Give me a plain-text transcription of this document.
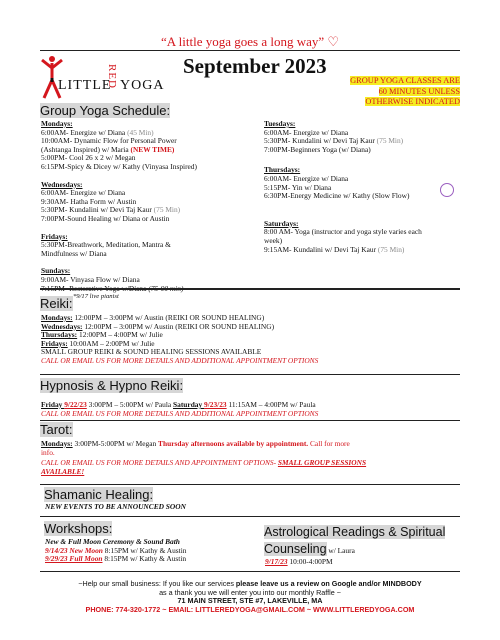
“A little yoga goes a long way” ♡
LITTLE
RED YOGA
September 2023
GROUP YOGA CLASSES ARE
60 MINUTES UNLESS
OTHERWISE INDICATED
Group Yoga Schedule:
Mondays:
6:00AM- Energize w/ Diana (45 Min)
10:00AM- Dynamic Flow for Personal Power
(Ashtanga Inspired) w/ Maria (NEW TIME)
5:00PM- Cool 26 x 2 w/ Megan
6:15PM-Spicy & Dicey w/ Kathy (Vinyasa Inspired)
Wednesdays:
6:00AM- Energize w/ Diana
9:30AM- Hatha Form w/ Austin
5:30PM- Kundalini w/ Devi Taj Kaur (75 Min)
7:00PM-Sound Healing w/ Diana or Austin
Fridays:
5:30PM-Breathwork, Meditation, Mantra &
Mindfulness w/ Diana
Sundays:
9:00AM- Vinyasa Flow w/ Diana
*9/17 live pianist
Tuesdays:
6:00AM- Energize w/ Diana
5:30PM- Kundalini w/ Devi Taj Kaur (75 Min)
7:00PM-Beginners Yoga (w/ Diana)
Thursdays:
6:00AM- Energize w/ Diana
5:15PM- Yin w/ Diana
6:30PM-Energy Medicine w/ Kathy (Slow Flow)
Saturdays:
8:00 AM- Yoga (instructor and yoga style varies each
week)
9:15AM- Kundalini w/ Devi Taj Kaur (75 Min)
Reiki:
Mondays: 12:00PM – 3:00PM w/ Austin (REIKI OR SOUND HEALING)
Wednesdays: 12:00PM – 3:00PM w/ Austin (REIKI OR SOUND HEALING)
Thursdays: 12:00PM – 4:00PM w/ Julie
Fridays: 10:00AM – 2:00PM w/ Julie
SMALL GROUP REIKI & SOUND HEALING SESSIONS AVAILABLE
CALL OR EMAIL US FOR MORE DETAILS AND ADDITIONAL APPOINTMENT OPTIONS
Hypnosis & Hypno Reiki:
Friday 9/22/23 3:00PM – 5:00PM w/ Paula Saturday 9/23/23 11:15AM – 4:00PM w/ Paula
CALL OR EMAIL US FOR MORE DETAILS AND ADDITIONAL APPOINTMENT OPTIONS
Tarot:
Mondays: 3:00PM-5:00PM w/ Megan Thursday afternoons available by appointment. Call for more
info.
CALL OR EMAIL US FOR MORE DETAILS AND APPOINTMENT OPTIONS- SMALL GROUP SESSIONS
AVAILABLE!
Shamanic Healing:
NEW EVENTS TO BE ANNOUNCED SOON
Workshops:
New & Full Moon Ceremony & Sound Bath
9/14/23 New Moon 8:15PM w/ Kathy & Austin
9/29/23 Full Moon 8:15PM w/ Kathy & Austin
Astrological Readings & Spiritual
Counseling w/ Laura
9/17/23 10:00-4:00PM
~Help our small business: If you like our services please leave us a review on Google and/or MINDBODY
as a thank you we will enter you into our monthly Raffle ~
71 MAIN STREET, STE #7, LAKEVILLE, MA
PHONE: 774-320-1772 ~ EMAIL: LITTLEREDYOGA@GMAIL.COM ~ WWW.LITTLEREDYOGA.COM
